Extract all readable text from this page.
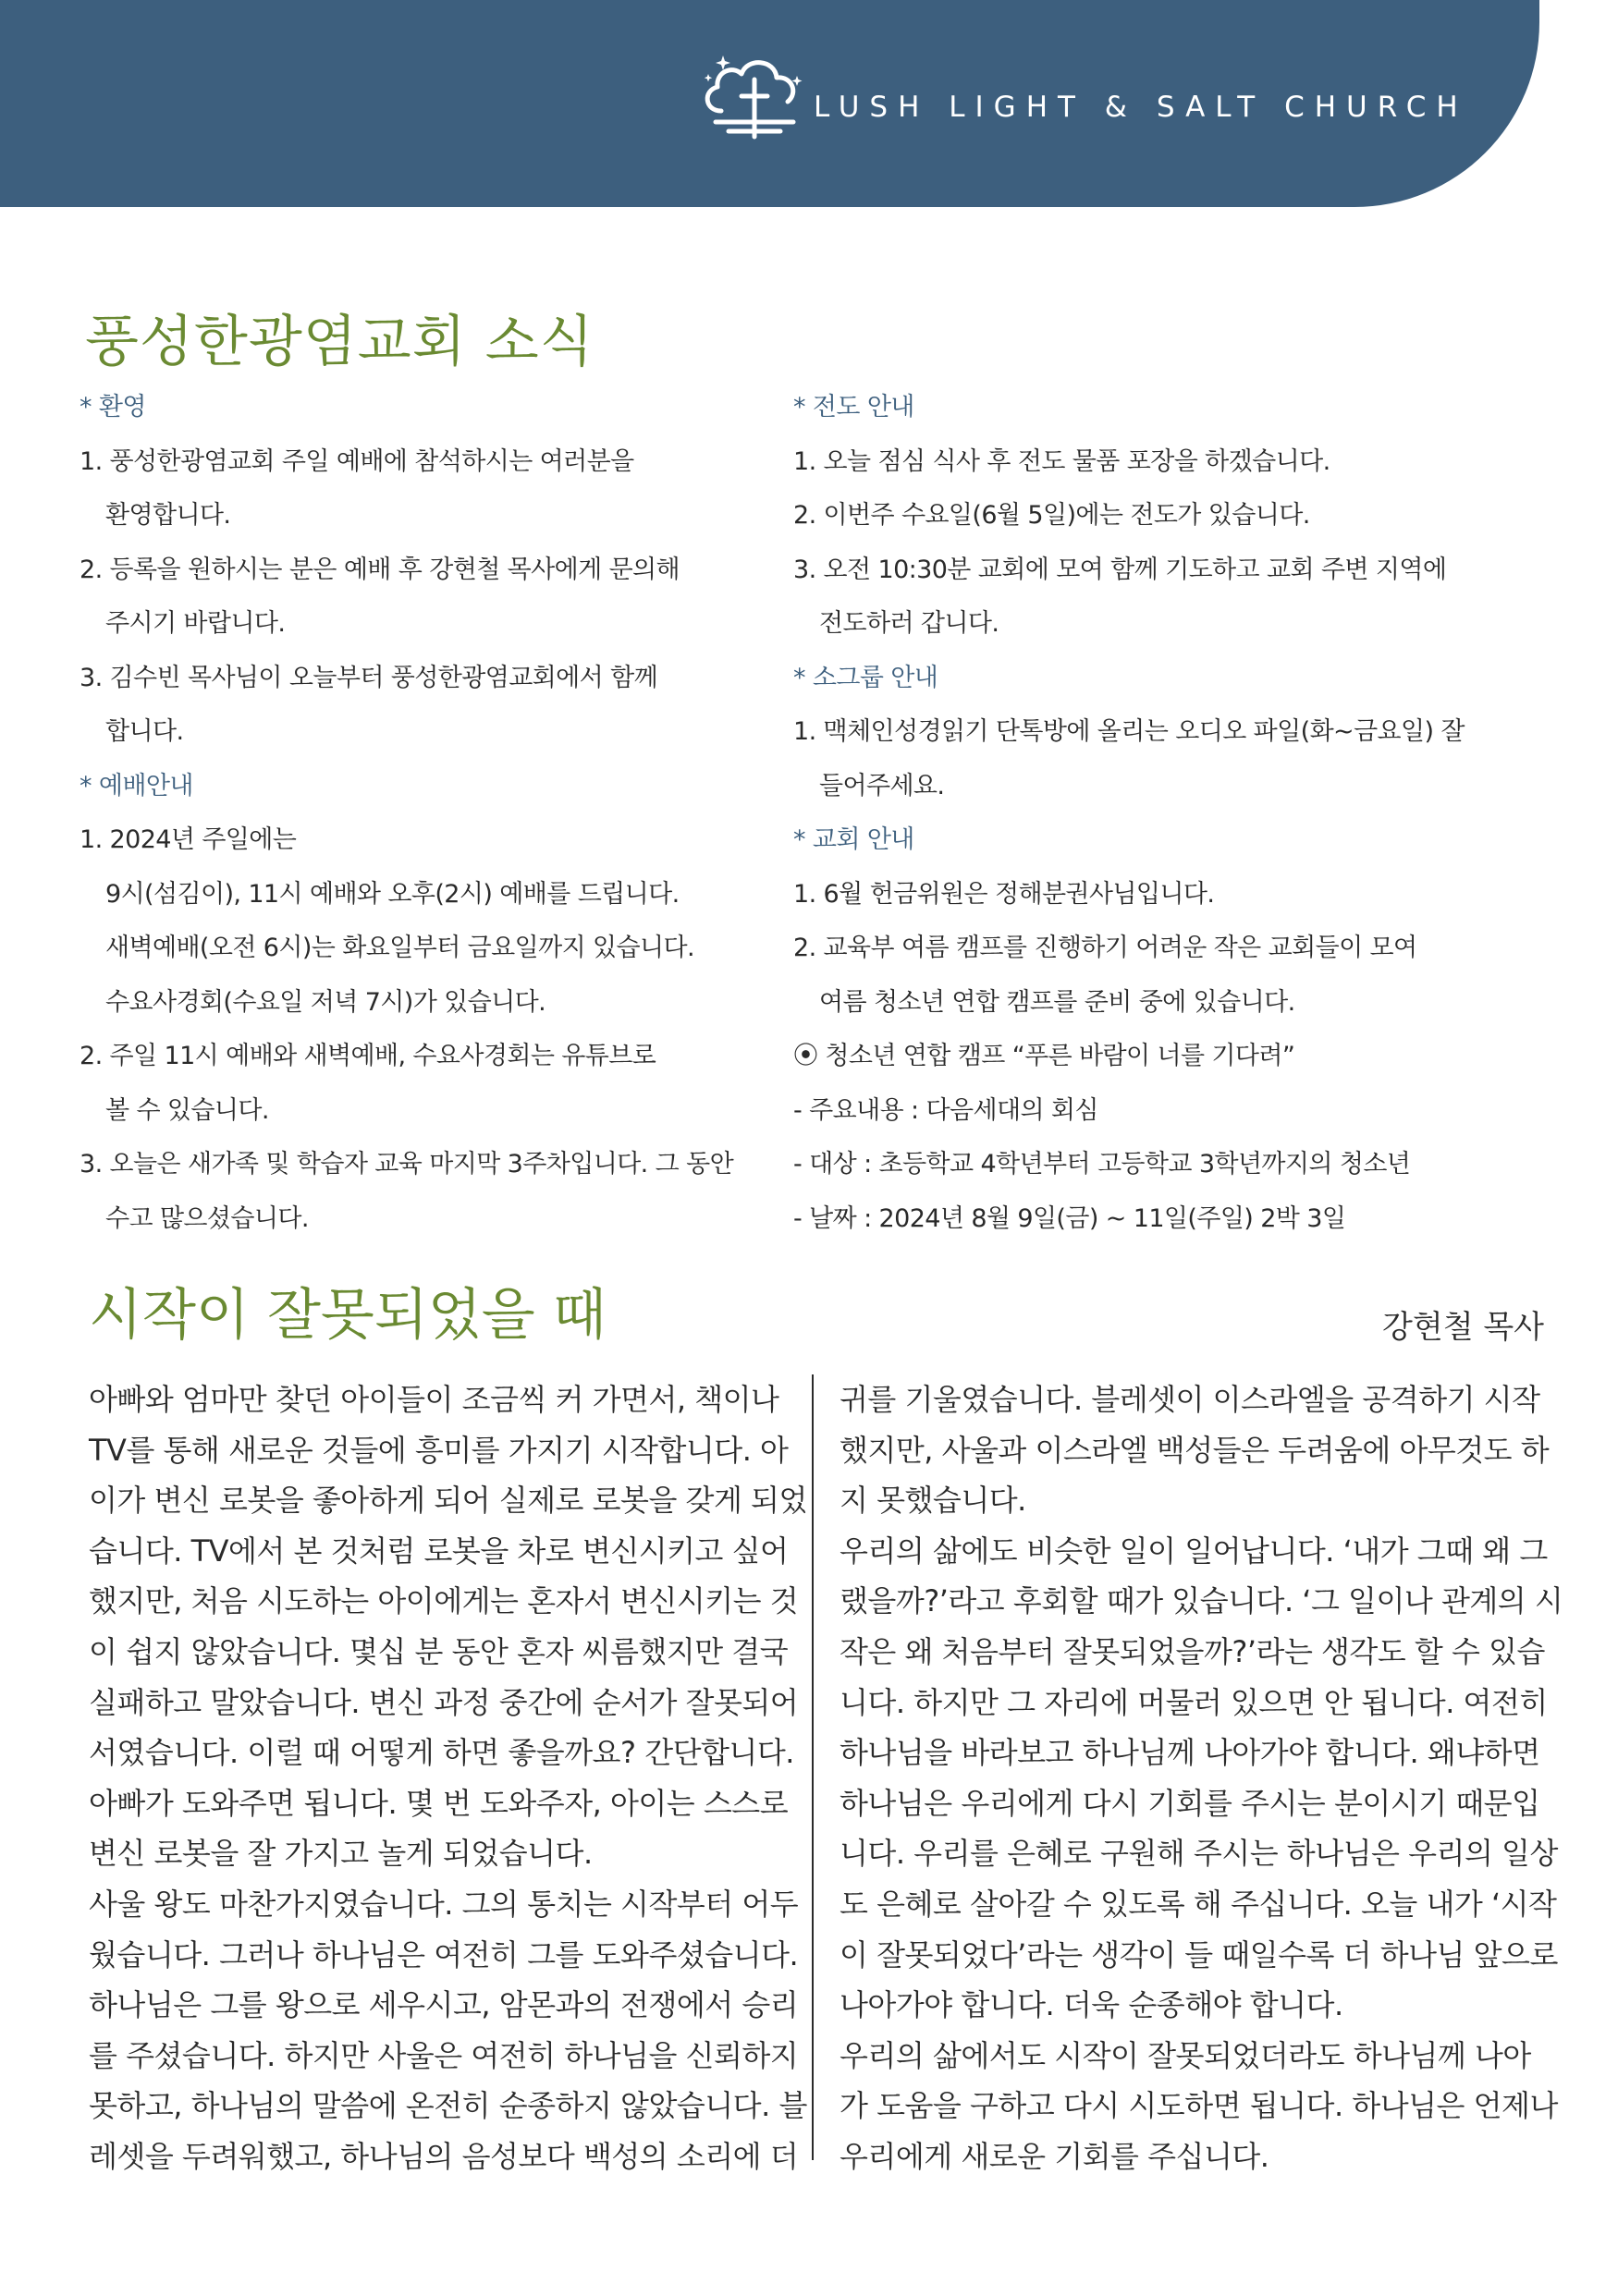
LUSH LIGHT & SALT CHURCH
풍성한광염교회 소식
* 환영
1. 풍성한광염교회 주일 예배에 참석하시는 여러분을
환영합니다.
2. 등록을 원하시는 분은 예배 후 강현철 목사에게 문의해
주시기 바랍니다.
3. 김수빈 목사님이 오늘부터 풍성한광염교회에서 함께
합니다.
* 예배안내
1. 2024년 주일에는
9시(섬김이), 11시 예배와 오후(2시) 예배를 드립니다.
새벽예배(오전 6시)는 화요일부터 금요일까지 있습니다.
수요사경회(수요일 저녁 7시)가 있습니다.
2. 주일 11시 예배와 새벽예배, 수요사경회는 유튜브로
볼 수 있습니다.
3. 오늘은 새가족 및 학습자 교육 마지막 3주차입니다. 그 동안
수고 많으셨습니다.
* 전도 안내
1. 오늘 점심 식사 후 전도 물품 포장을 하겠습니다.
2. 이번주 수요일(6월 5일)에는 전도가 있습니다.
3. 오전 10:30분 교회에 모여 함께 기도하고 교회 주변 지역에
전도하러 갑니다.
* 소그룹 안내
1. 맥체인성경읽기 단톡방에 올리는 오디오 파일(화~금요일) 잘
들어주세요.
* 교회 안내
1. 6월 헌금위원은 정해분권사님입니다.
2. 교육부 여름 캠프를 진행하기 어려운 작은 교회들이 모여
여름 청소년 연합 캠프를 준비 중에 있습니다.
⦿ 청소년 연합 캠프 “푸른 바람이 너를 기다려”
- 주요내용 : 다음세대의 회심
- 대상 : 초등학교 4학년부터 고등학교 3학년까지의 청소년
- 날짜 : 2024년 8월 9일(금) ~ 11일(주일) 2박 3일
시작이 잘못되었을 때	강현철 목사
아빠와 엄마만 찾던 아이들이 조금씩 커 가면서, 책이나
TV를 통해 새로운 것들에 흥미를 가지기 시작합니다. 아
이가 변신 로봇을 좋아하게 되어 실제로 로봇을 갖게 되었
습니다. TV에서 본 것처럼 로봇을 차로 변신시키고 싶어
했지만, 처음 시도하는 아이에게는 혼자서 변신시키는 것
이 쉽지 않았습니다. 몇십 분 동안 혼자 씨름했지만 결국
실패하고 말았습니다. 변신 과정 중간에 순서가 잘못되어
서였습니다. 이럴 때 어떻게 하면 좋을까요? 간단합니다.
아빠가 도와주면 됩니다. 몇 번 도와주자, 아이는 스스로
변신 로봇을 잘 가지고 놀게 되었습니다.
사울 왕도 마찬가지였습니다. 그의 통치는 시작부터 어두
웠습니다. 그러나 하나님은 여전히 그를 도와주셨습니다.
하나님은 그를 왕으로 세우시고, 암몬과의 전쟁에서 승리
를 주셨습니다. 하지만 사울은 여전히 하나님을 신뢰하지
못하고, 하나님의 말씀에 온전히 순종하지 않았습니다. 블
레셋을 두려워했고, 하나님의 음성보다 백성의 소리에 더
귀를 기울였습니다. 블레셋이 이스라엘을 공격하기 시작
했지만, 사울과 이스라엘 백성들은 두려움에 아무것도 하
지 못했습니다.
우리의 삶에도 비슷한 일이 일어납니다. ‘내가 그때 왜 그
랬을까?’라고 후회할 때가 있습니다. ‘그 일이나 관계의 시
작은 왜 처음부터 잘못되었을까?’라는 생각도 할 수 있습
니다. 하지만 그 자리에 머물러 있으면 안 됩니다. 여전히
하나님을 바라보고 하나님께 나아가야 합니다. 왜냐하면
하나님은 우리에게 다시 기회를 주시는 분이시기 때문입
니다. 우리를 은혜로 구원해 주시는 하나님은 우리의 일상
도 은혜로 살아갈 수 있도록 해 주십니다. 오늘 내가 ‘시작
이 잘못되었다’라는 생각이 들 때일수록 더 하나님 앞으로
나아가야 합니다. 더욱 순종해야 합니다.
우리의 삶에서도 시작이 잘못되었더라도 하나님께 나아
가 도움을 구하고 다시 시도하면 됩니다. 하나님은 언제나
우리에게 새로운 기회를 주십니다.
